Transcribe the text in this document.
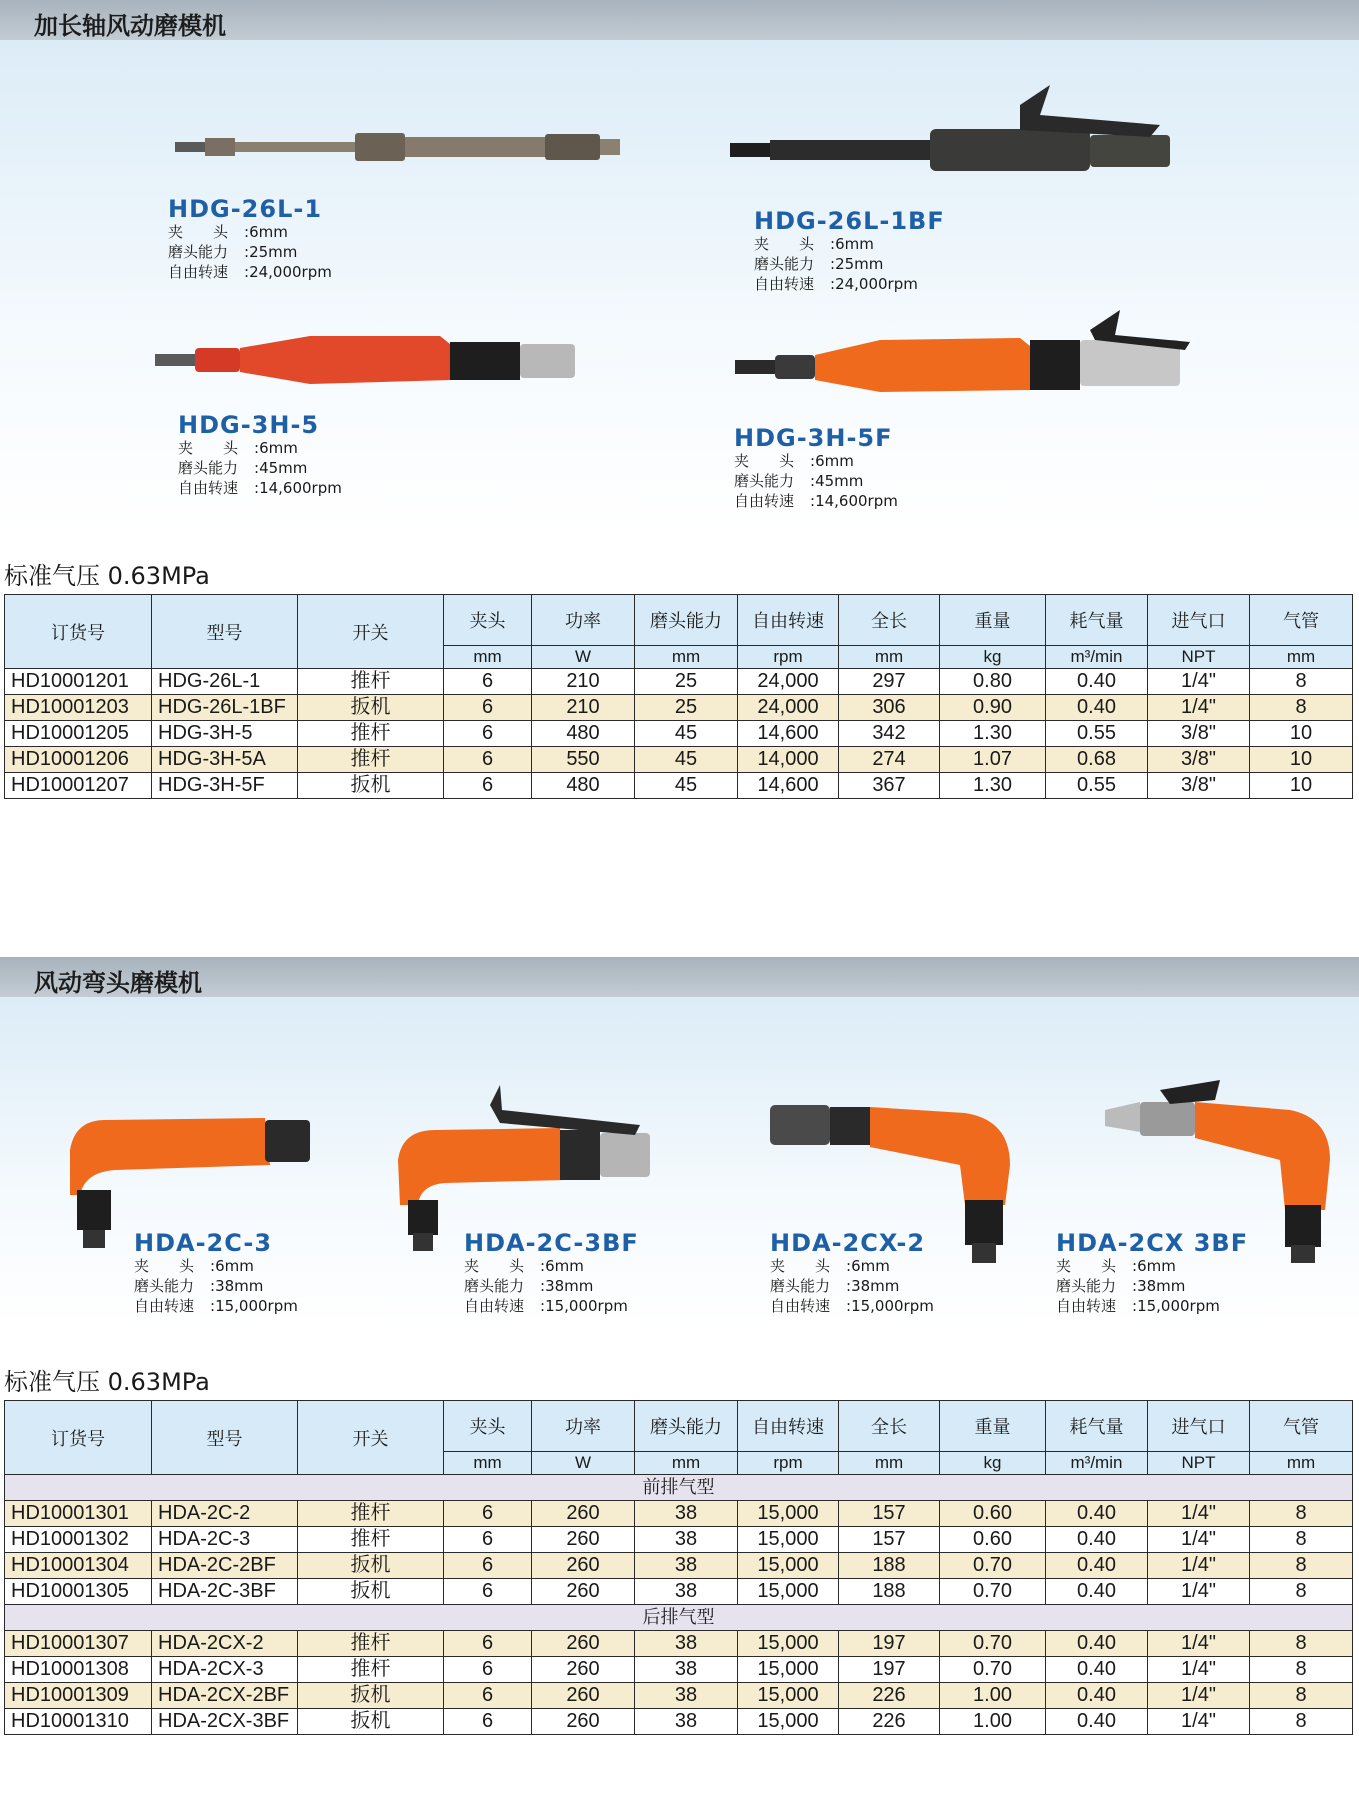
加长轴风动磨模机
HDG-26L-1
夹　　头 :6mm
磨头能力 :25mm
自由转速 :24,000rpm
HDG-26L-1BF
夹　　头 :6mm
磨头能力 :25mm
自由转速 :24,000rpm
HDG-3H-5
夹　　头 :6mm
磨头能力 :45mm
自由转速 :14,600rpm
HDG-3H-5F
夹　　头 :6mm
磨头能力 :45mm
自由转速 :14,600rpm
标准气压 0.63MPa
订货号	型号	开关	夹头	功率	磨头能力	自由转速	全长	重量	耗气量	进气口	气管
			mm	W	mm	rpm	mm	kg	m³/min	NPT	mm
HD10001201	HDG-26L-1	推杆	6	210	25	24,000	297	0.80	0.40	1/4"	8
HD10001203	HDG-26L-1BF	扳机	6	210	25	24,000	306	0.90	0.40	1/4"	8
HD10001205	HDG-3H-5	推杆	6	480	45	14,600	342	1.30	0.55	3/8"	10
HD10001206	HDG-3H-5A	推杆	6	550	45	14,000	274	1.07	0.68	3/8"	10
HD10001207	HDG-3H-5F	扳机	6	480	45	14,600	367	1.30	0.55	3/8"	10
风动弯头磨模机
HDA-2C-3
夹　　头 :6mm
磨头能力 :38mm
自由转速 :15,000rpm
HDA-2C-3BF
夹　　头 :6mm
磨头能力 :38mm
自由转速 :15,000rpm
HDA-2CX-2
夹　　头 :6mm
磨头能力 :38mm
自由转速 :15,000rpm
HDA-2CX 3BF
夹　　头 :6mm
磨头能力 :38mm
自由转速 :15,000rpm
标准气压 0.63MPa
订货号	型号	开关	夹头	功率	磨头能力	自由转速	全长	重量	耗气量	进气口	气管
			mm	W	mm	rpm	mm	kg	m³/min	NPT	mm
前排气型											
HD10001301	HDA-2C-2	推杆	6	260	38	15,000	157	0.60	0.40	1/4"	8
HD10001302	HDA-2C-3	推杆	6	260	38	15,000	157	0.60	0.40	1/4"	8
HD10001304	HDA-2C-2BF	扳机	6	260	38	15,000	188	0.70	0.40	1/4"	8
HD10001305	HDA-2C-3BF	扳机	6	260	38	15,000	188	0.70	0.40	1/4"	8
后排气型											
HD10001307	HDA-2CX-2	推杆	6	260	38	15,000	197	0.70	0.40	1/4"	8
HD10001308	HDA-2CX-3	推杆	6	260	38	15,000	197	0.70	0.40	1/4"	8
HD10001309	HDA-2CX-2BF	扳机	6	260	38	15,000	226	1.00	0.40	1/4"	8
HD10001310	HDA-2CX-3BF	扳机	6	260	38	15,000	226	1.00	0.40	1/4"	8
